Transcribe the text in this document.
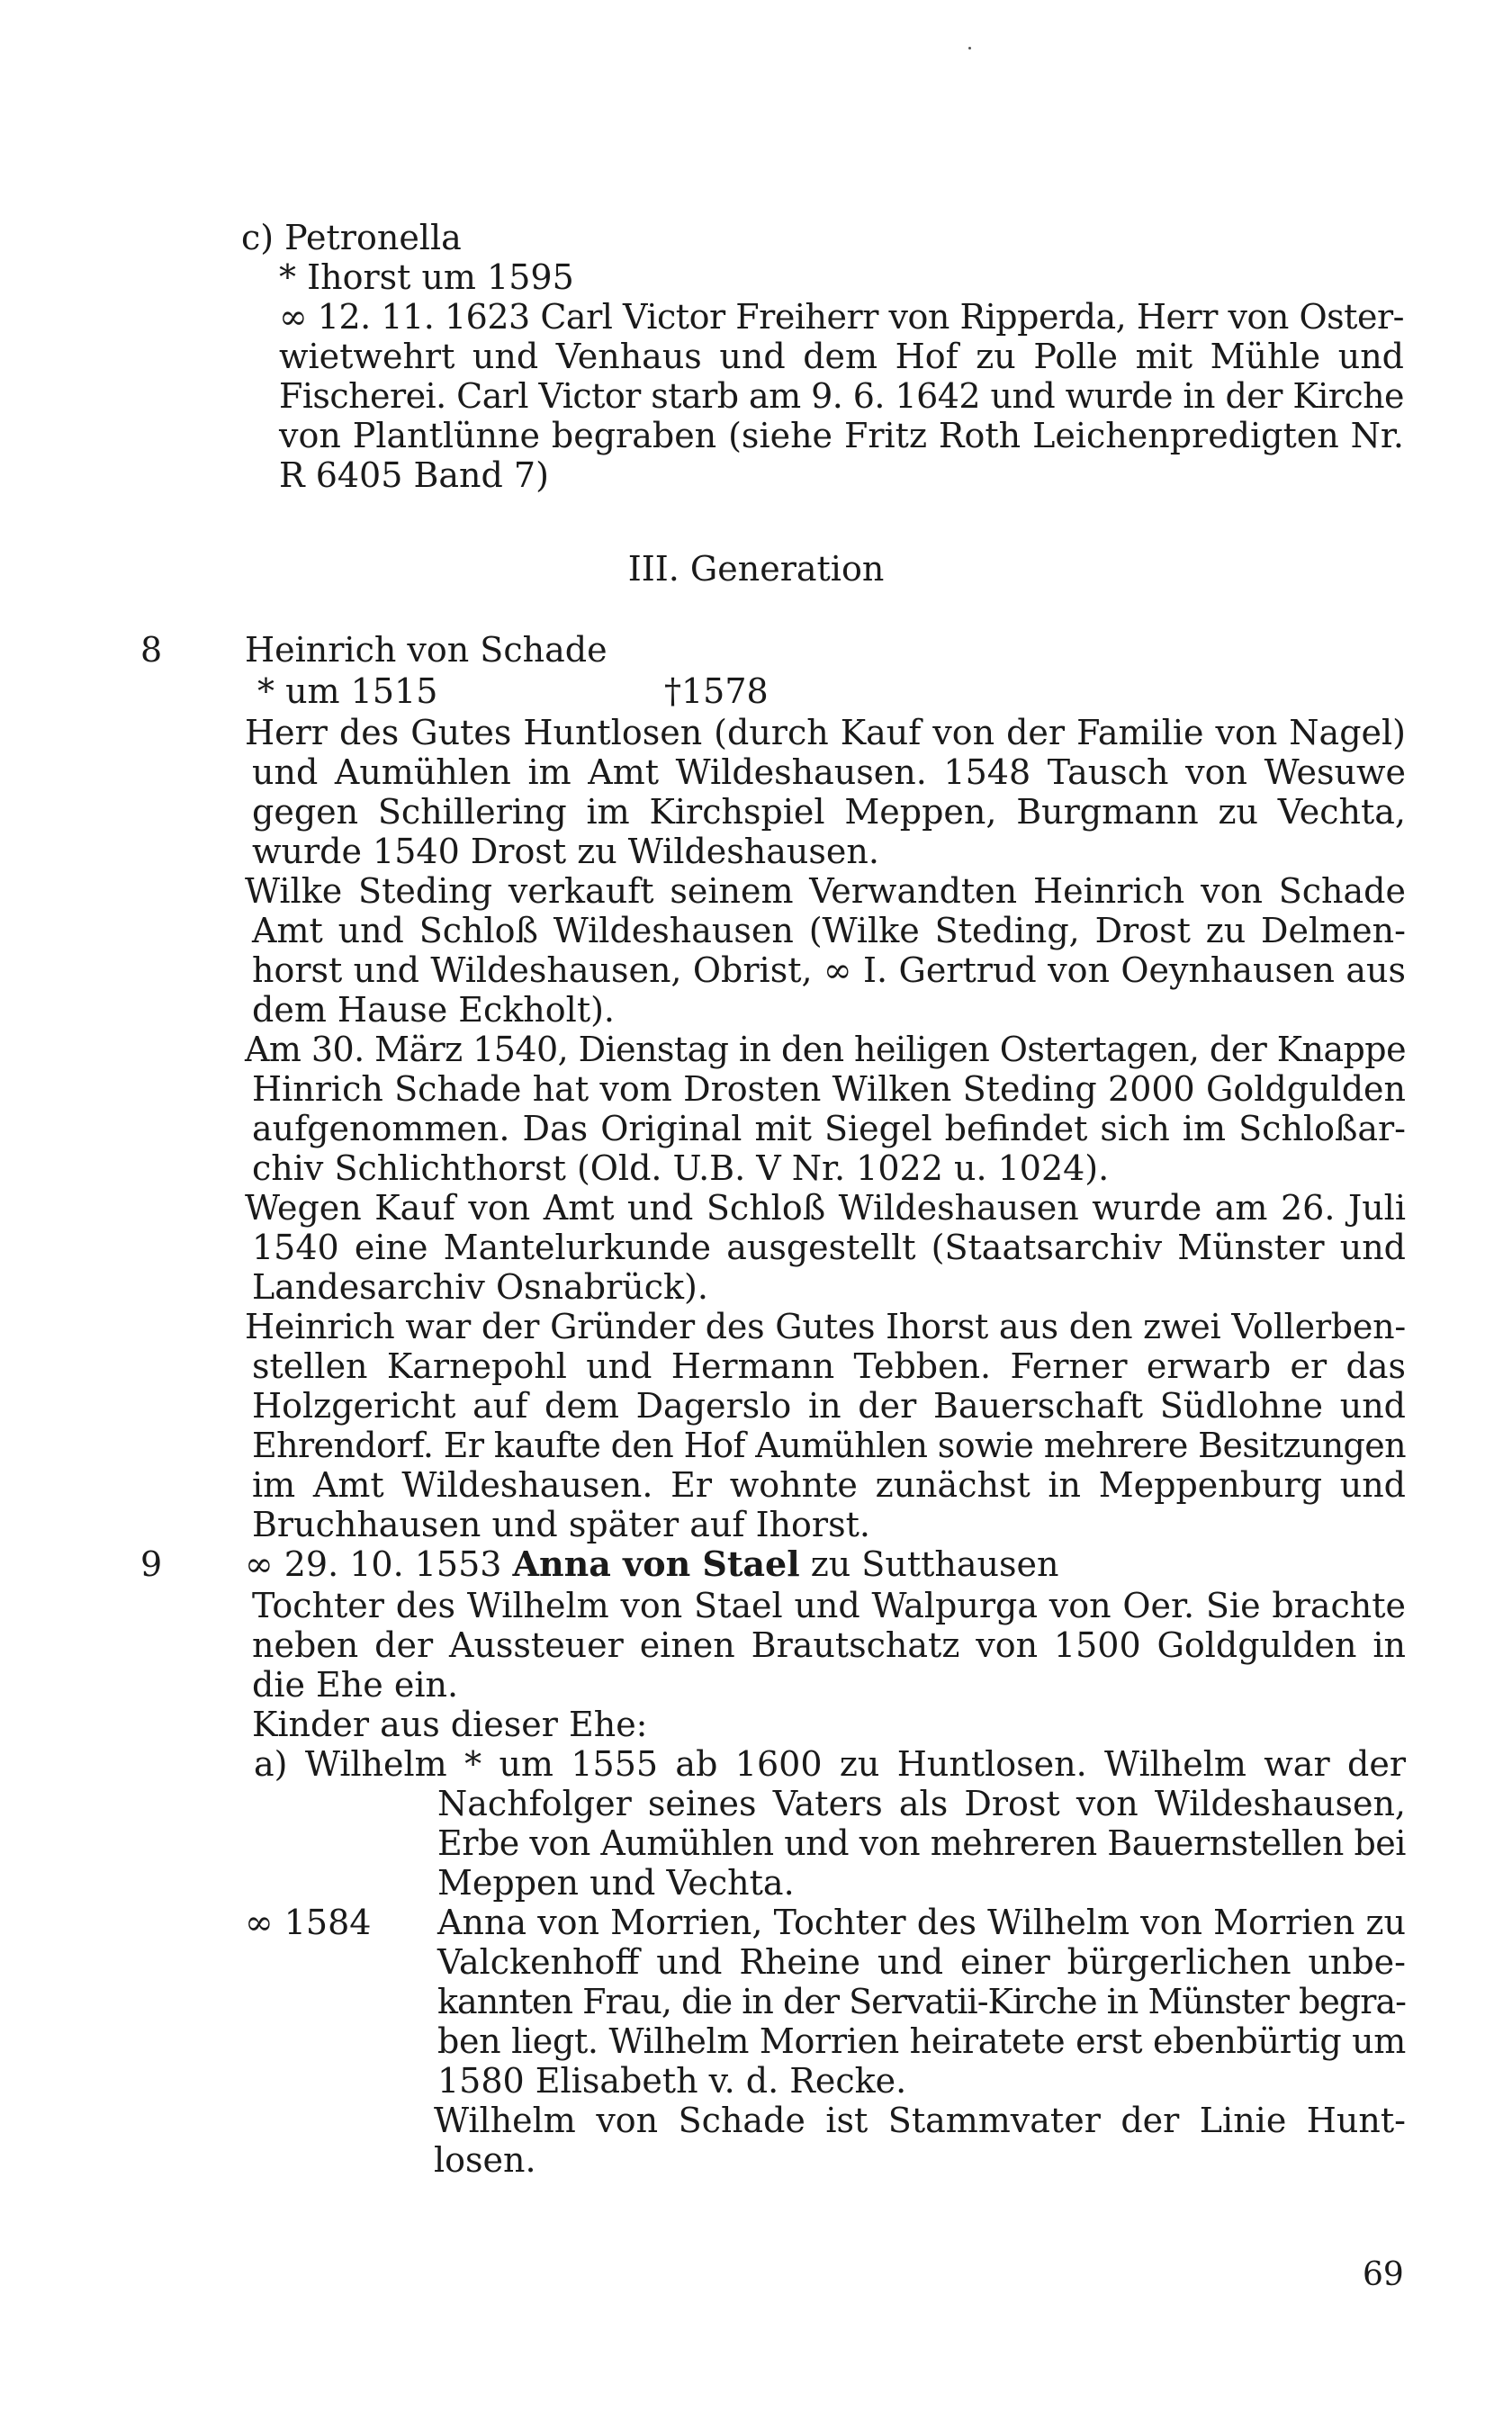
c) Petronella
* Ihorst um 1595
∞ 12. 11. 1623 Carl Victor Freiherr von Ripperda, Herr von Oster-
wietwehrt und Venhaus und dem Hof zu Polle mit Mühle und
Fischerei. Carl Victor starb am 9. 6. 1642 und wurde in der Kirche
von Plantlünne begraben (siehe Fritz Roth Leichenpredigten Nr.
R 6405 Band 7)
III. Generation
8 Heinrich von Schade
* um 1515	†1578
Herr des Gutes Huntlosen (durch Kauf von der Familie von Nagel)
und Aumühlen im Amt Wildeshausen. 1548 Tausch von Wesuwe
gegen Schillering im Kirchspiel Meppen, Burgmann zu Vechta,
wurde 1540 Drost zu Wildeshausen.
Wilke Steding verkauft seinem Verwandten Heinrich von Schade
Amt und Schloß Wildeshausen (Wilke Steding, Drost zu Delmen-
horst und Wildeshausen, Obrist, ∞ I. Gertrud von Oeynhausen aus
dem Hause Eckholt).
Am 30. März 1540, Dienstag in den heiligen Ostertagen, der Knappe
Hinrich Schade hat vom Drosten Wilken Steding 2000 Goldgulden
aufgenommen. Das Original mit Siegel befindet sich im Schloßar-
chiv Schlichthorst (Old. U.B. V Nr. 1022 u. 1024).
Wegen Kauf von Amt und Schloß Wildeshausen wurde am 26. Juli
1540 eine Mantelurkunde ausgestellt (Staatsarchiv Münster und
Landesarchiv Osnabrück).
Heinrich war der Gründer des Gutes Ihorst aus den zwei Vollerben-
stellen Karnepohl und Hermann Tebben. Ferner erwarb er das
Holzgericht auf dem Dagerslo in der Bauerschaft Südlohne und
Ehrendorf. Er kaufte den Hof Aumühlen sowie mehrere Besitzungen
im Amt Wildeshausen. Er wohnte zunächst in Meppenburg und
Bruchhausen und später auf Ihorst.
9 ∞ 29. 10. 1553 Anna von Stael zu Sutthausen
Tochter des Wilhelm von Stael und Walpurga von Oer. Sie brachte
neben der Aussteuer einen Brautschatz von 1500 Goldgulden in
die Ehe ein.
Kinder aus dieser Ehe:
a) Wilhelm * um 1555 ab 1600 zu Huntlosen. Wilhelm war der
Nachfolger seines Vaters als Drost von Wildeshausen,
Erbe von Aumühlen und von mehreren Bauernstellen bei
Meppen und Vechta.
∞ 1584 Anna von Morrien, Tochter des Wilhelm von Morrien zu
Valckenhoff und Rheine und einer bürgerlichen unbe-
kannten Frau, die in der Servatii-Kirche in Münster begra-
ben liegt. Wilhelm Morrien heiratete erst ebenbürtig um
1580 Elisabeth v. d. Recke.
Wilhelm von Schade ist Stammvater der Linie Hunt-
losen.
69
